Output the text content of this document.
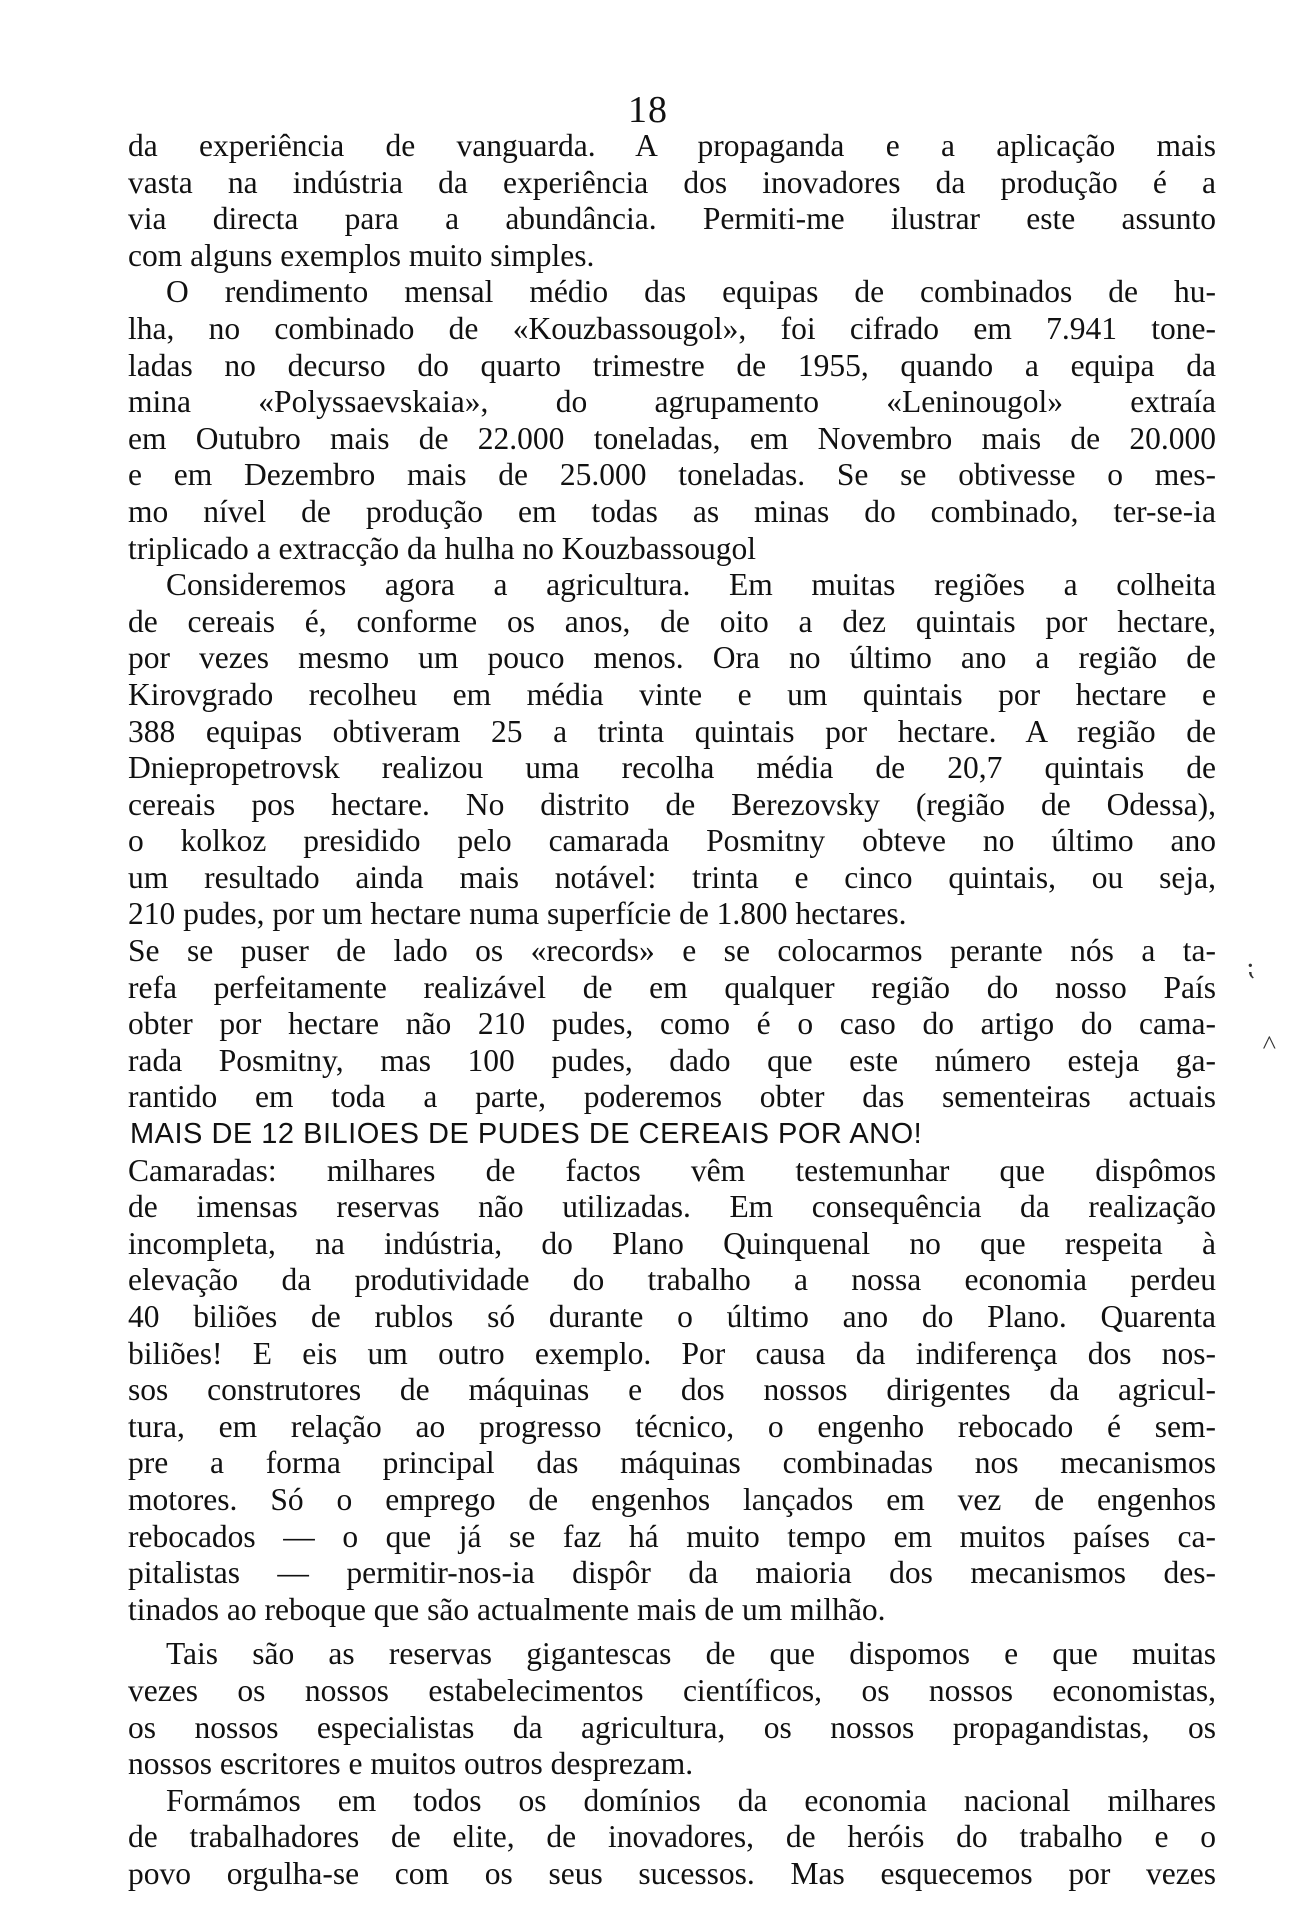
18
da experiência de vanguarda. A propaganda e a aplicação mais
vasta na indústria da experiência dos inovadores da produção é a
via directa para a abundância. Permiti-me ilustrar este assunto
com alguns exemplos muito simples.
O rendimento mensal médio das equipas de combinados de hu-
lha, no combinado de «Kouzbassougol», foi cifrado em 7.941 tone-
ladas no decurso do quarto trimestre de 1955, quando a equipa da
mina «Polyssaevskaia», do agrupamento «Leninougol» extraía
em Outubro mais de 22.000 toneladas, em Novembro mais de 20.000
e em Dezembro mais de 25.000 toneladas. Se se obtivesse o mes-
mo nível de produção em todas as minas do combinado, ter-se-ia
triplicado a extracção da hulha no Kouzbassougol
Consideremos agora a agricultura. Em muitas regiões a colheita
de cereais é, conforme os anos, de oito a dez quintais por hectare,
por vezes mesmo um pouco menos. Ora no último ano a região de
Kirovgrado recolheu em média vinte e um quintais por hectare e
388 equipas obtiveram 25 a trinta quintais por hectare. A região de
Dniepropetrovsk realizou uma recolha média de 20,7 quintais de
cereais pos hectare. No distrito de Berezovsky (região de Odessa),
o kolkoz presidido pelo camarada Posmitny obteve no último ano
um resultado ainda mais notável: trinta e cinco quintais, ou seja,
210 pudes, por um hectare numa superfície de 1.800 hectares.
Se se puser de lado os «records» e se colocarmos perante nós a ta-
refa perfeitamente realizável de em qualquer região do nosso País
obter por hectare não 210 pudes, como é o caso do artigo do cama-
rada Posmitny, mas 100 pudes, dado que este número esteja ga-
rantido em toda a parte, poderemos obter das sementeiras actuais
MAIS DE 12 BILIOES DE PUDES DE CEREAIS POR ANO!
Camaradas: milhares de factos vêm testemunhar que dispômos
de imensas reservas não utilizadas. Em consequência da realização
incompleta, na indústria, do Plano Quinquenal no que respeita à
elevação da produtividade do trabalho a nossa economia perdeu
40 biliões de rublos só durante o último ano do Plano. Quarenta
biliões! E eis um outro exemplo. Por causa da indiferença dos nos-
sos construtores de máquinas e dos nossos dirigentes da agricul-
tura, em relação ao progresso técnico, o engenho rebocado é sem-
pre a forma principal das máquinas combinadas nos mecanismos
motores. Só o emprego de engenhos lançados em vez de engenhos
rebocados — o que já se faz há muito tempo em muitos países ca-
pitalistas — permitir-nos-ia dispôr da maioria dos mecanismos des-
tinados ao reboque que são actualmente mais de um milhão.
Tais são as reservas gigantescas de que dispomos e que muitas
vezes os nossos estabelecimentos científicos, os nossos economistas,
os nossos especialistas da agricultura, os nossos propagandistas, os
nossos escritores e muitos outros desprezam.
Formámos em todos os domínios da economia nacional milhares
de trabalhadores de elite, de inovadores, de heróis do trabalho e o
povo orgulha-se com os seus sucessos. Mas esquecemos por vezes
⁏
˄
